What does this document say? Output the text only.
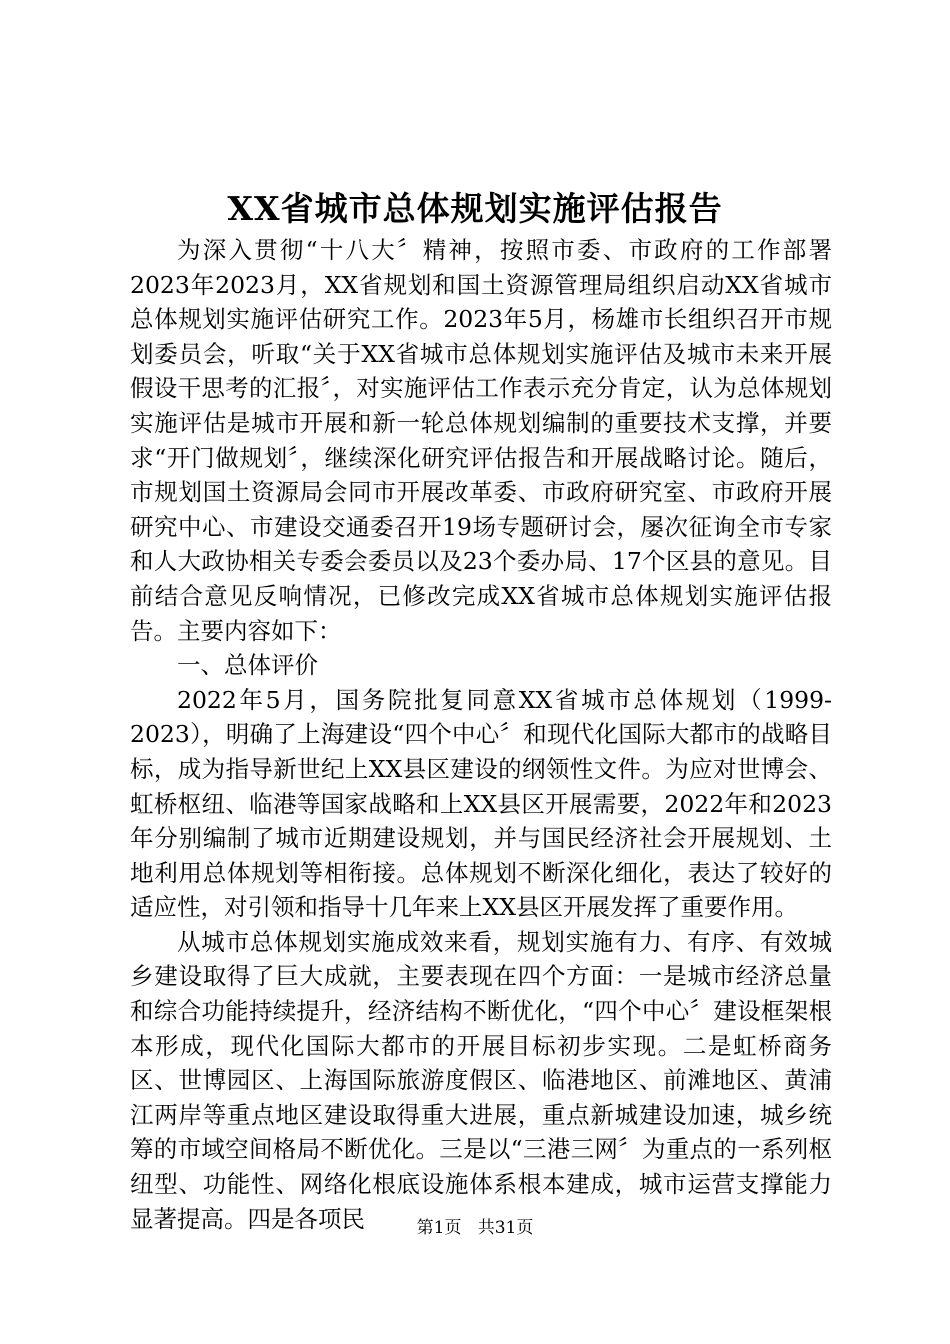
XX省城市总体规划实施评估报告

为深入贯彻“十八大〞精神，按照市委、市政府的工作部署2023年2023月，XX省规划和国土资源管理局组织启动XX省城市总体规划实施评估研究工作。2023年5月，杨雄市长组织召开市规划委员会，听取“关于XX省城市总体规划实施评估及城市未来开展假设干思考的汇报〞，对实施评估工作表示充分肯定，认为总体规划实施评估是城市开展和新一轮总体规划编制的重要技术支撑，并要求“开门做规划〞，继续深化研究评估报告和开展战略讨论。随后，市规划国土资源局会同市开展改革委、市政府研究室、市政府开展研究中心、市建设交通委召开19场专题研讨会，屡次征询全市专家和人大政协相关专委会委员以及23个委办局、17个区县的意见。目前结合意见反响情况，已修改完成XX省城市总体规划实施评估报告。主要内容如下：

一、总体评价

2022年5月，国务院批复同意XX省城市总体规划（1999-2023），明确了上海建设“四个中心〞和现代化国际大都市的战略目标，成为指导新世纪上XX县区建设的纲领性文件。为应对世博会、虹桥枢纽、临港等国家战略和上XX县区开展需要，2022年和2023年分别编制了城市近期建设规划，并与国民经济社会开展规划、土地利用总体规划等相衔接。总体规划不断深化细化，表达了较好的适应性，对引领和指导十几年来上XX县区开展发挥了重要作用。

从城市总体规划实施成效来看，规划实施有力、有序、有效城乡建设取得了巨大成就，主要表现在四个方面：一是城市经济总量和综合功能持续提升，经济结构不断优化，“四个中心〞建设框架根本形成，现代化国际大都市的开展目标初步实现。二是虹桥商务区、世博园区、上海国际旅游度假区、临港地区、前滩地区、黄浦江两岸等重点地区建设取得重大进展，重点新城建设加速，城乡统筹的市域空间格局不断优化。三是以“三港三网〞为重点的一系列枢纽型、功能性、网络化根底设施体系根本建成，城市运营支撑能力显著提高。四是各项民	第1页 共31页
